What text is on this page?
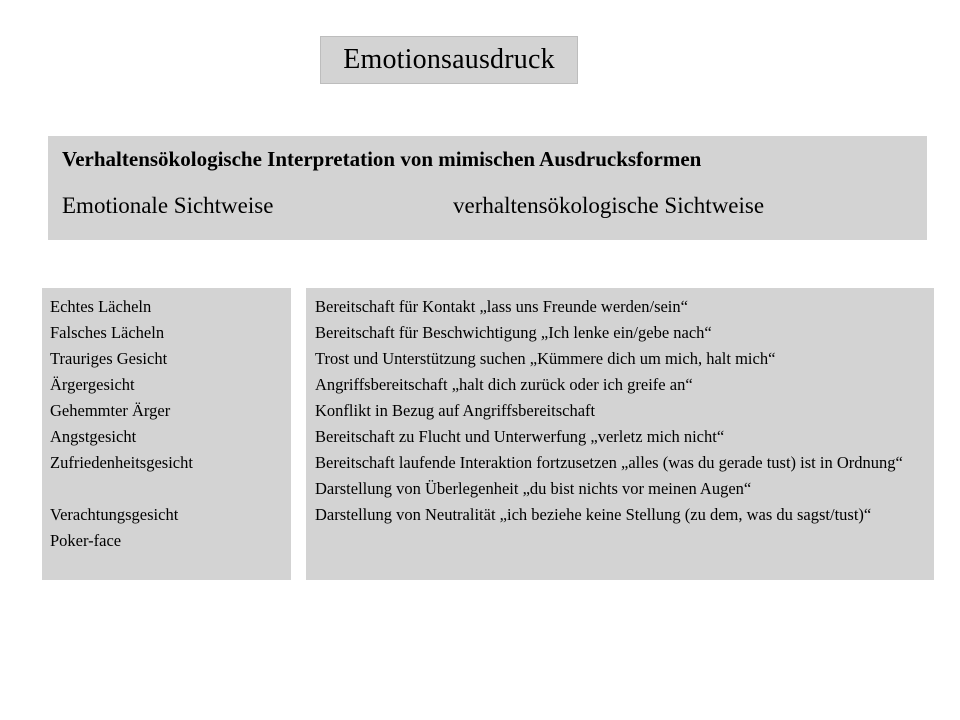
Emotionsausdruck
Verhaltensökologische Interpretation von mimischen Ausdrucksformen
Emotionale Sichtweise	verhaltensökologische Sichtweise
Echtes Lächeln
Falsches Lächeln
Trauriges Gesicht
Ärgergesicht
Gehemmter Ärger
Angstgesicht
Zufriedenheitsgesicht
Verachtungsgesicht
Poker-face
Bereitschaft für Kontakt „lass uns Freunde werden/sein“
Bereitschaft für Beschwichtigung „Ich lenke ein/gebe nach“
Trost und Unterstützung suchen „Kümmere dich um mich, halt mich“
Angriffsbereitschaft „halt dich zurück oder ich greife an“
Konflikt in Bezug auf Angriffsbereitschaft
Bereitschaft zu Flucht und Unterwerfung „verletz mich nicht“
Bereitschaft laufende Interaktion fortzusetzen „alles (was du gerade tust) ist in Ordnung“
Darstellung von Überlegenheit „du bist nichts vor meinen Augen“
Darstellung von Neutralität „ich beziehe keine Stellung (zu dem, was du sagst/tust)“
